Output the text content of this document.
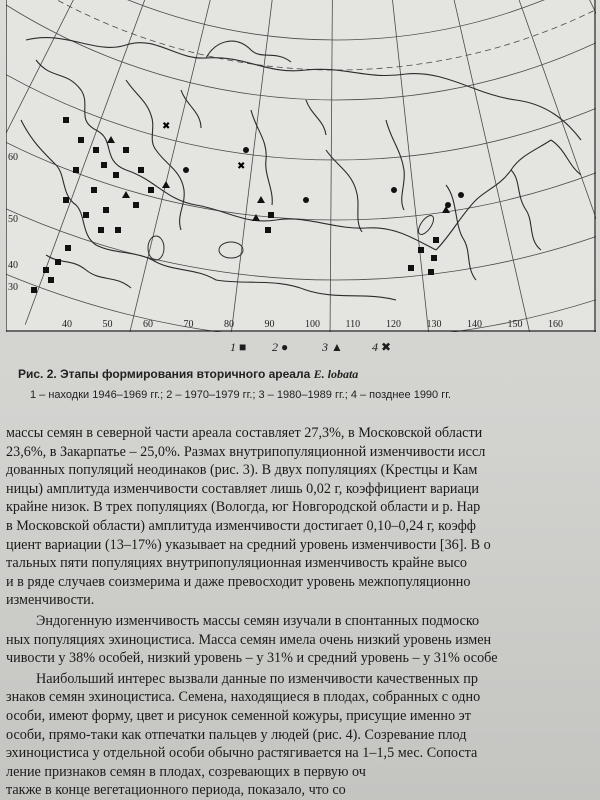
✖
✖
60
50
40
30
40	50	60	70	80	90	100	110	120	130	140	150	160
1 ■ 2 ●	3 ▲ 4 ✖
Рис. 2. Этапы формирования вторичного ареала E. lobata
1 – находки 1946–1969 гг.; 2 – 1970–1979 гг.; 3 – 1980–1989 гг.; 4 – позднее 1990 гг.

массы семян в северной части ареала составляет 27,3%, в Московской области

23,6%, в Закарпатье – 25,0%. Размах внутрипопуляционной изменчивости иссл

дованных популяций неодинаков (рис. 3). В двух популяциях (Крестцы и Кам

ницы) амплитуда изменчивости составляет лишь 0,02 г, коэффициент вариаци

крайне низок. В трех популяциях (Вологда, юг Новгородской области и р. Нар

в Московской области) амплитуда изменчивости достигает 0,10–0,24 г, коэфф

циент вариации (13–17%) указывает на средний уровень изменчивости [36]. В о

тальных пяти популяциях внутрипопуляционная изменчивость крайне высо

и в ряде случаев соизмерима и даже превосходит уровень межпопуляционно

изменчивости.

Эндогенную изменчивость массы семян изучали в спонтанных подмоско

ных популяциях эхиноцистиса. Масса семян имела очень низкий уровень измен

чивости у 38% особей, низкий уровень – у 31% и средний уровень – у 31% особе

Наибольший интерес вызвали данные по изменчивости качественных пр

знаков семян эхиноцистиса. Семена, находящиеся в плодах, собранных с одно

особи, имеют форму, цвет и рисунок семенной кожуры, присущие именно эт

особи, прямо-таки как отпечатки пальцев у людей (рис. 4). Созревание плод

эхиноцистиса у отдельной особи обычно растягивается на 1–1,5 мес. Сопоста

ление признаков семян в плодах, созревающих в первую оч

также в конце вегетационного периода, показало, что со
